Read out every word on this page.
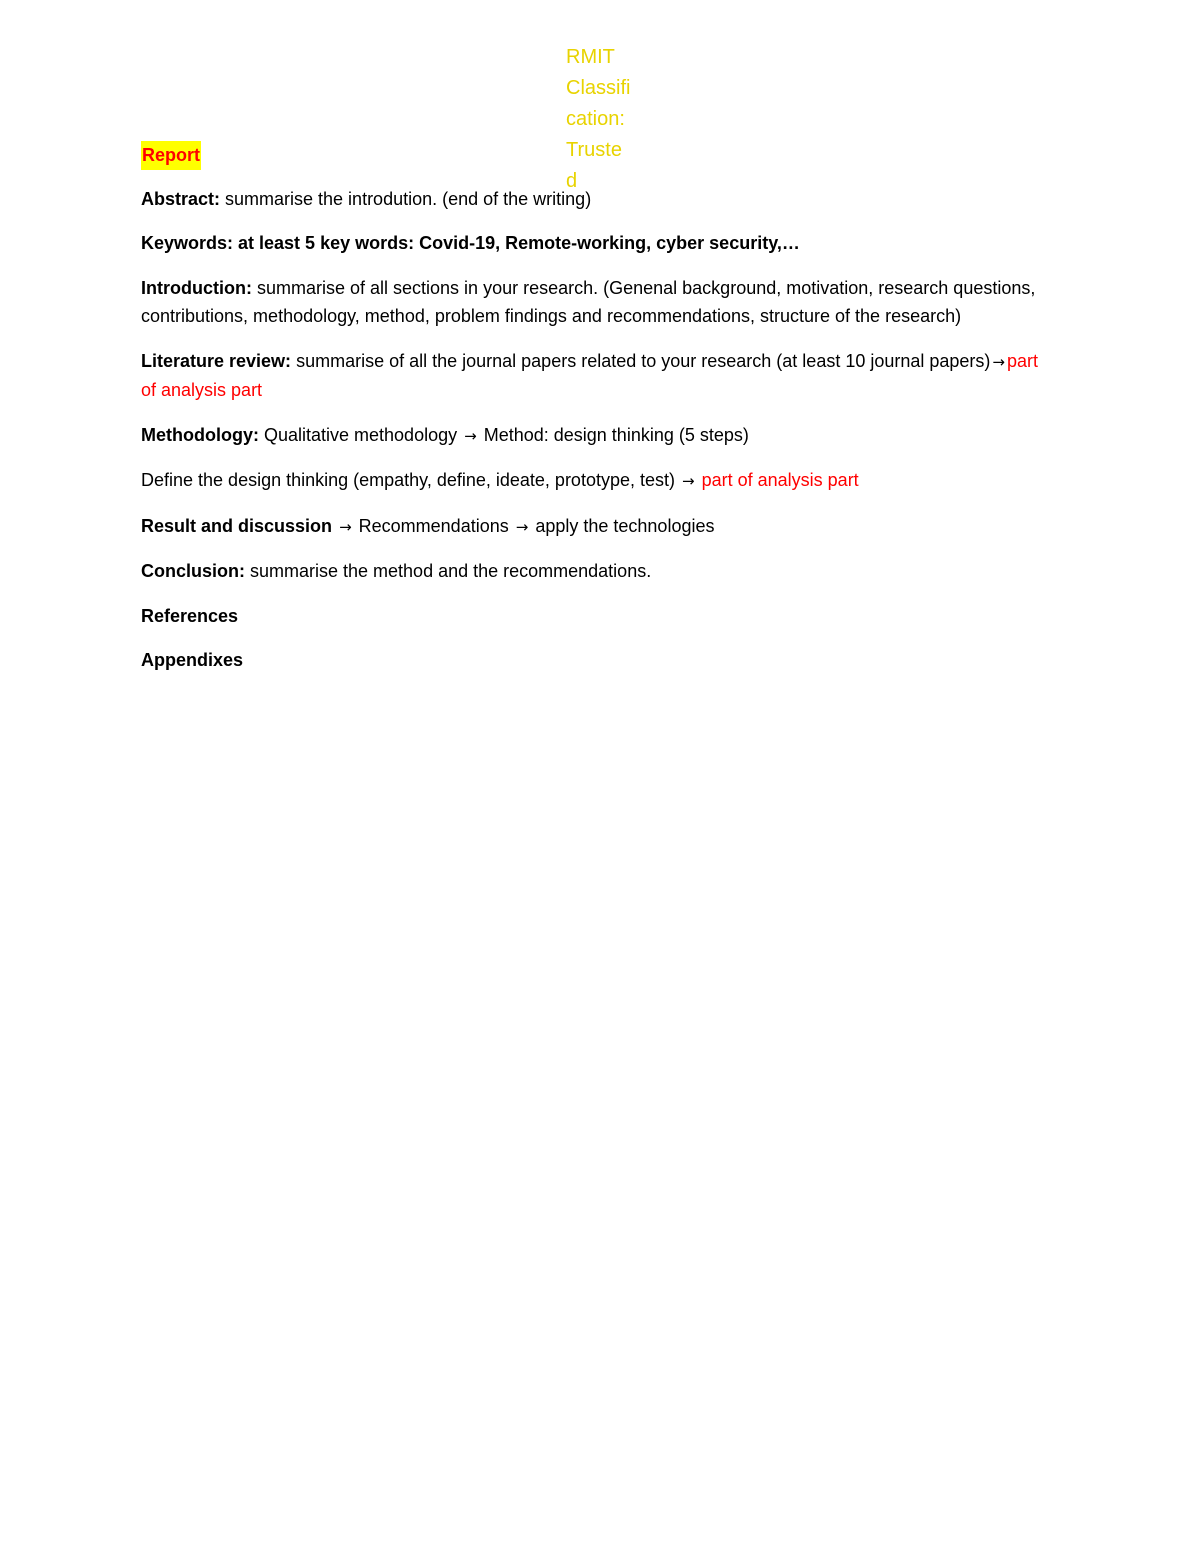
RMIT
Classifi
cation:
Truste
d
Report
Abstract: summarise the introdution. (end of the writing)
Keywords: at least 5 key words: Covid-19, Remote-working, cyber security,…
Introduction: summarise of all sections in your research. (Genenal background, motivation, research questions, contributions, methodology, method, problem findings and recommendations, structure of the research)
Literature review: summarise of all the journal papers related to your research (at least 10 journal papers) → part of analysis part
Methodology: Qualitative methodology → Method: design thinking (5 steps)
Define the design thinking (empathy, define, ideate, prototype, test) → part of analysis part
Result and discussion → Recommendations → apply the technologies
Conclusion: summarise the method and the recommendations.
References
Appendixes
